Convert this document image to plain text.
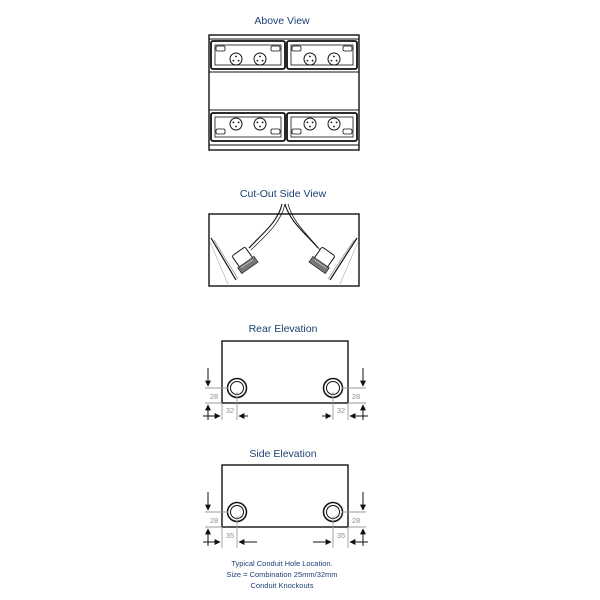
Above View
Cut-Out Side View
Rear Elevation
28
32
28
32
Side Elevation
28
35
28
35
Typical Conduit Hole Location.
Size = Combination 25mm/32mm
Conduit Knockouts
